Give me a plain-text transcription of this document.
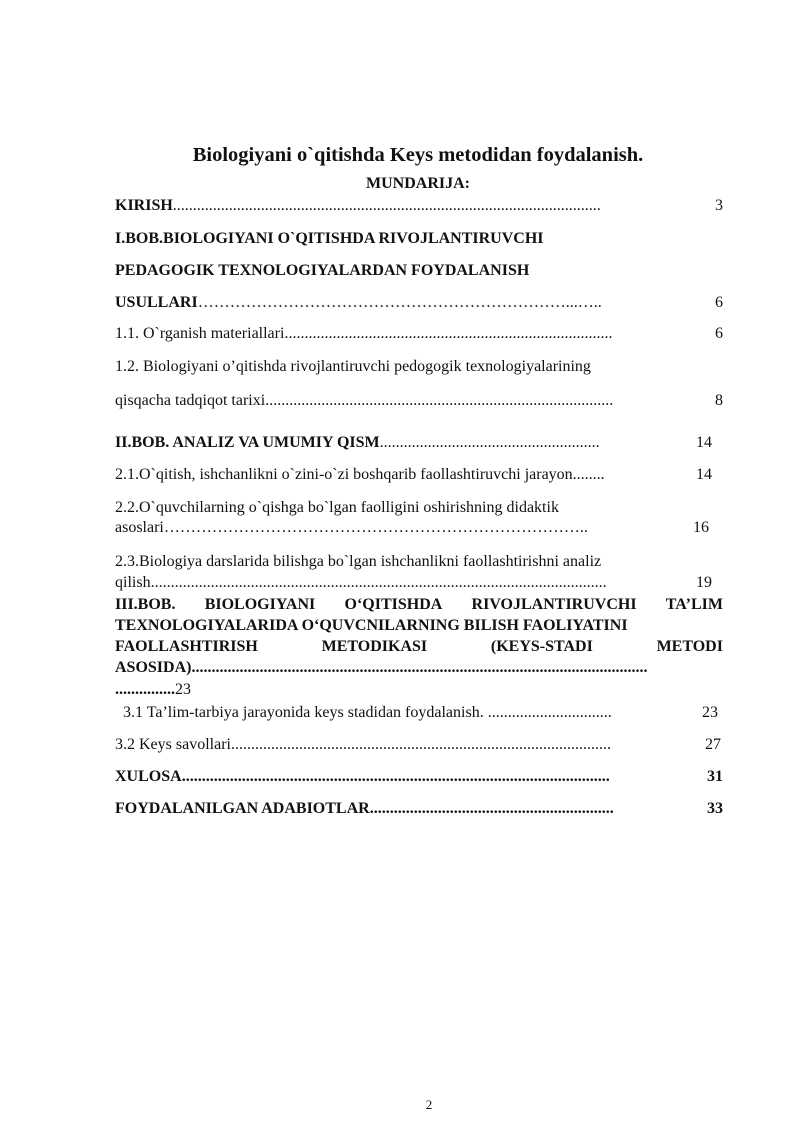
Biologiyani o`qitishda Keys metodidan foydalanish.
MUNDARIJA:
KIRISH ...........................................................................................................	3
I.BOB.BIOLOGIYANI O`QITISHDA RIVOJLANTIRUVCHI
PEDAGOGIK TEXNOLOGIYALARDAN FOYDALANISH
USULLARI ……………………………………………………………...…..	6
1.1. O`rganish materiallari ..................................................................................	6
1.2. Biologiyani o’qitishda rivojlantiruvchi pedogogik texnologiyalarining
qisqacha tadqiqot tarixi .......................................................................................	8
II.BOB. ANALIZ VA UMUMIY QISM .......................................................	14
2.1.O`qitish, ishchanlikni o`zini-o`zi boshqarib faollashtiruvchi jarayon ........	14
2.2.O`quvchilarning o`qishga bo`lgan faolligini oshirishning didaktik
asoslari ……………………………………………………………………..	16
2.3.Biologiya darslarida bilishga bo`lgan ishchanlikni faollashtirishni analiz
qilish ..................................................................................................................	19
III.BOB. BIOLOGIYANI O‘QITISHDA RIVOJLANTIRUVCHI TA’LIM
TEXNOLOGIYALARIDA O‘QUVCNILARNING BILISH FAOLIYATINI
FAOLLASHTIRISH	METODIKASI	(KEYS-STADI	METODI
ASOSIDA) ..................................................................................................................
............... 23
3.1 Ta’lim-tarbiya jarayonida keys stadidan foydalanish. ...............................	23
3.2 Keys savollari ...............................................................................................	27
XULOSA ...........................................................................................................	31
FOYDALANILGAN ADABIOTLAR .............................................................	33
2
